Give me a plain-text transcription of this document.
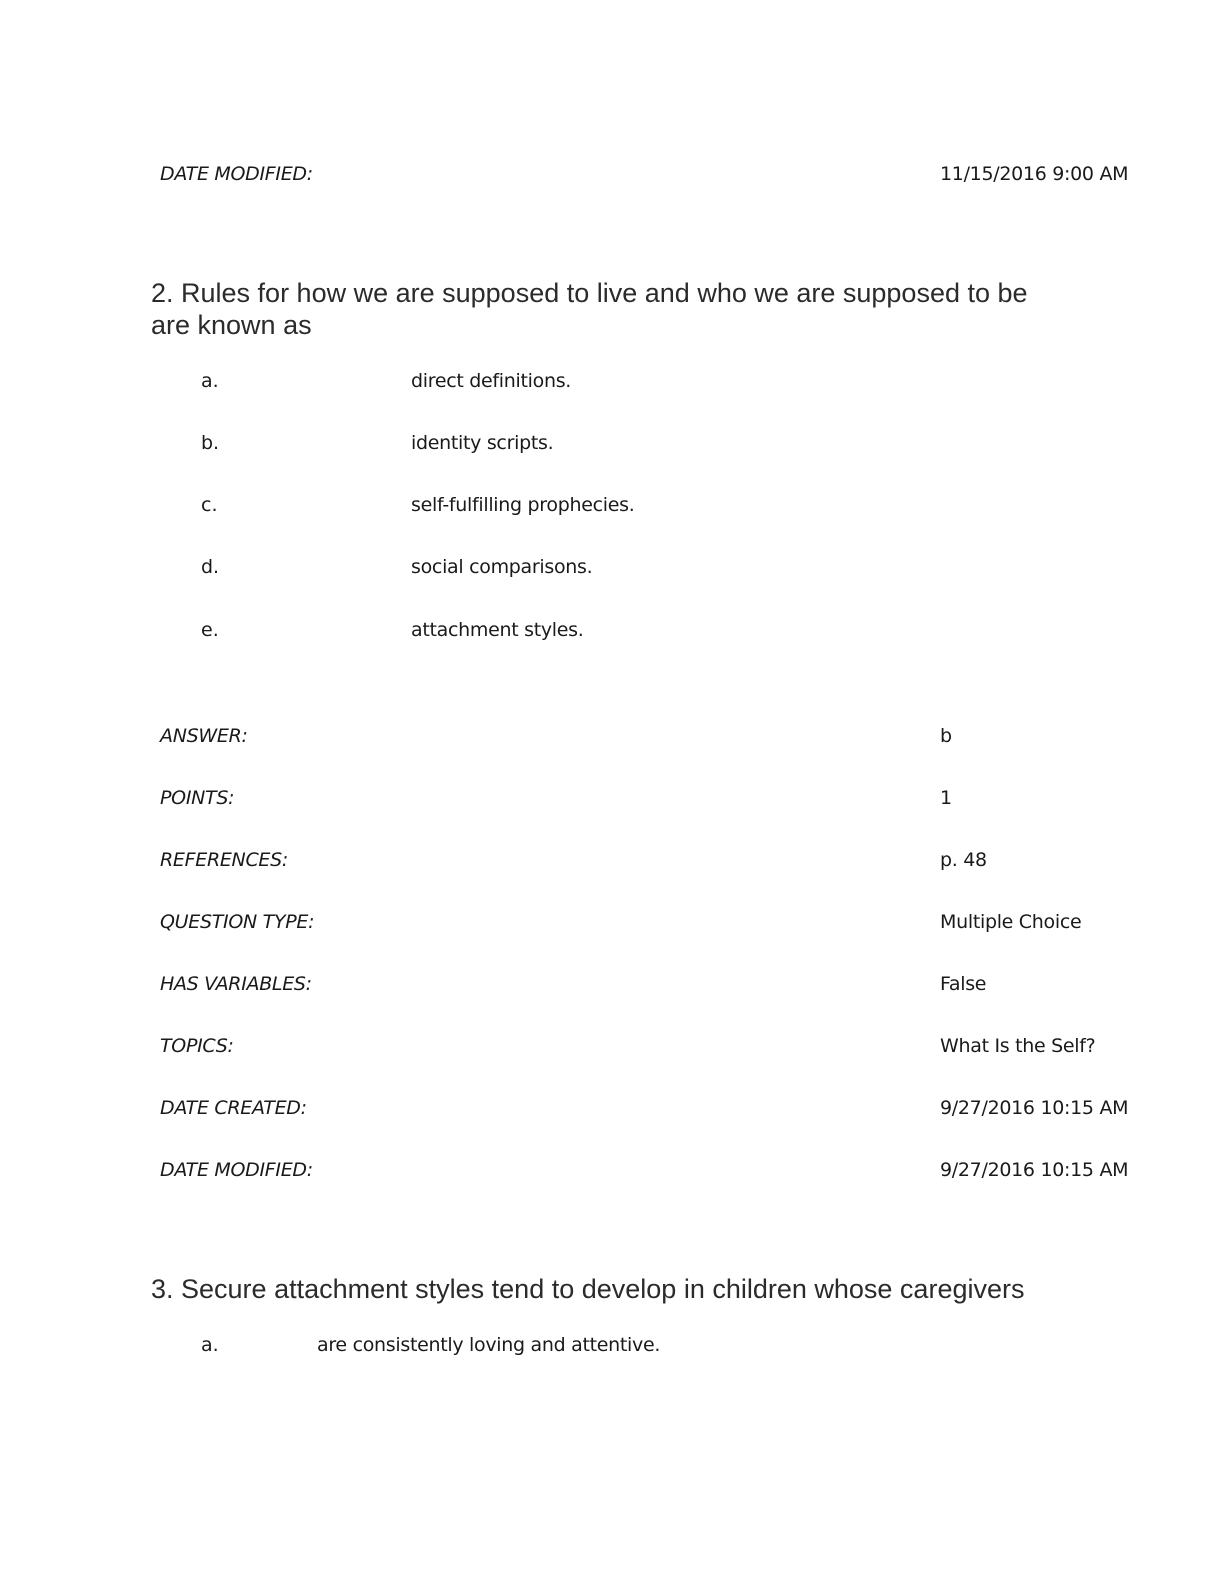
DATE MODIFIED:	11/15/2016 9:00 AM
2. Rules for how we are supposed to live and who we are supposed to be
are known as
a.	direct definitions.
b.	identity scripts.
c.	self-fulfilling prophecies.
d.	social comparisons.
e.	attachment styles.
ANSWER:	b
POINTS:	1
REFERENCES:	p. 48
QUESTION TYPE:	Multiple Choice
HAS VARIABLES:	False
TOPICS:	What Is the Self?
DATE CREATED:	9/27/2016 10:15 AM
DATE MODIFIED:	9/27/2016 10:15 AM
3. Secure attachment styles tend to develop in children whose caregivers
a.	are consistently loving and attentive.
